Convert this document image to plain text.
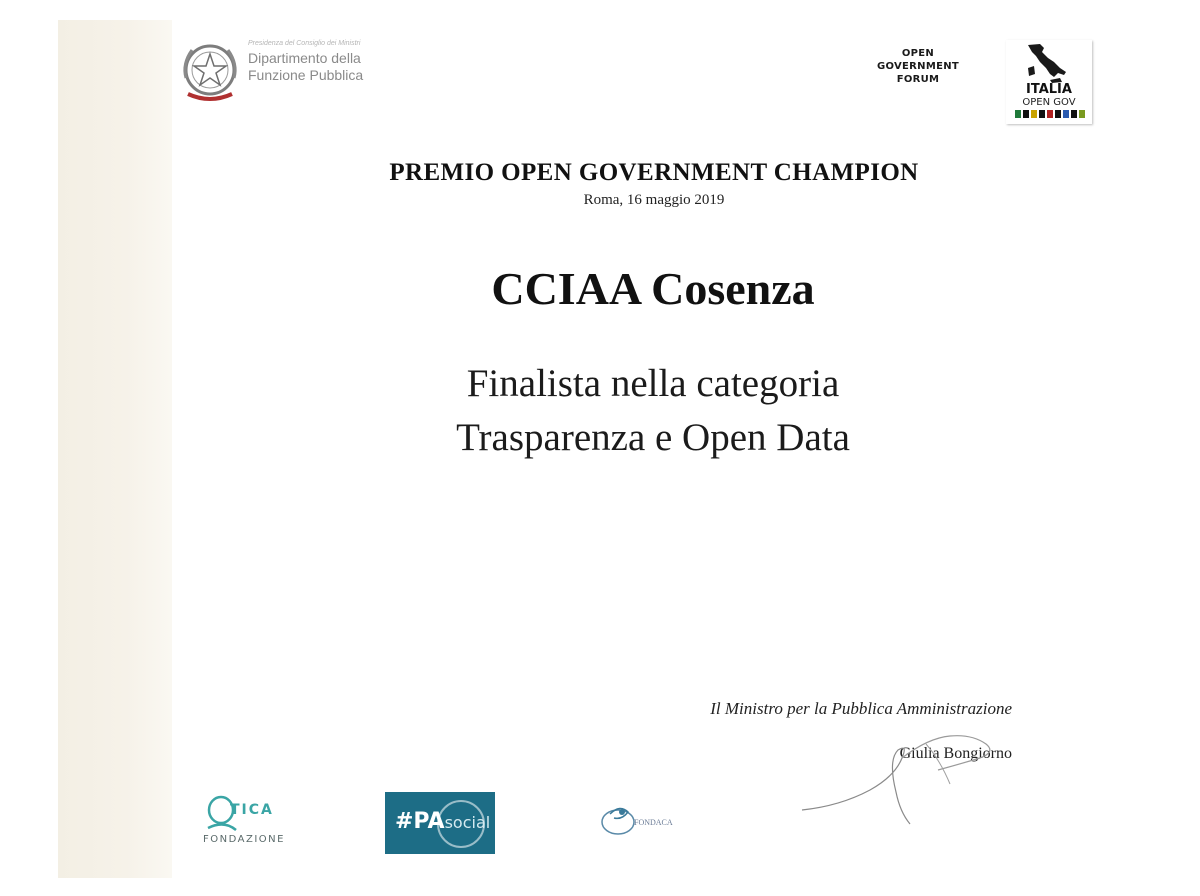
Presidenza del Consiglio dei Ministri
Dipartimento della
Funzione Pubblica
OPEN
GOVERNMENT
FORUM
ITALIA
OPEN GOV
PREMIO OPEN GOVERNMENT CHAMPION
Roma, 16 maggio 2019
CCIAA Cosenza
Finalista nella categoria
Trasparenza e Open Data
Il Ministro per la Pubblica Amministrazione
Giulia Bongiorno
TICA
FONDAZIONE
#PAsocial	FONDACA
